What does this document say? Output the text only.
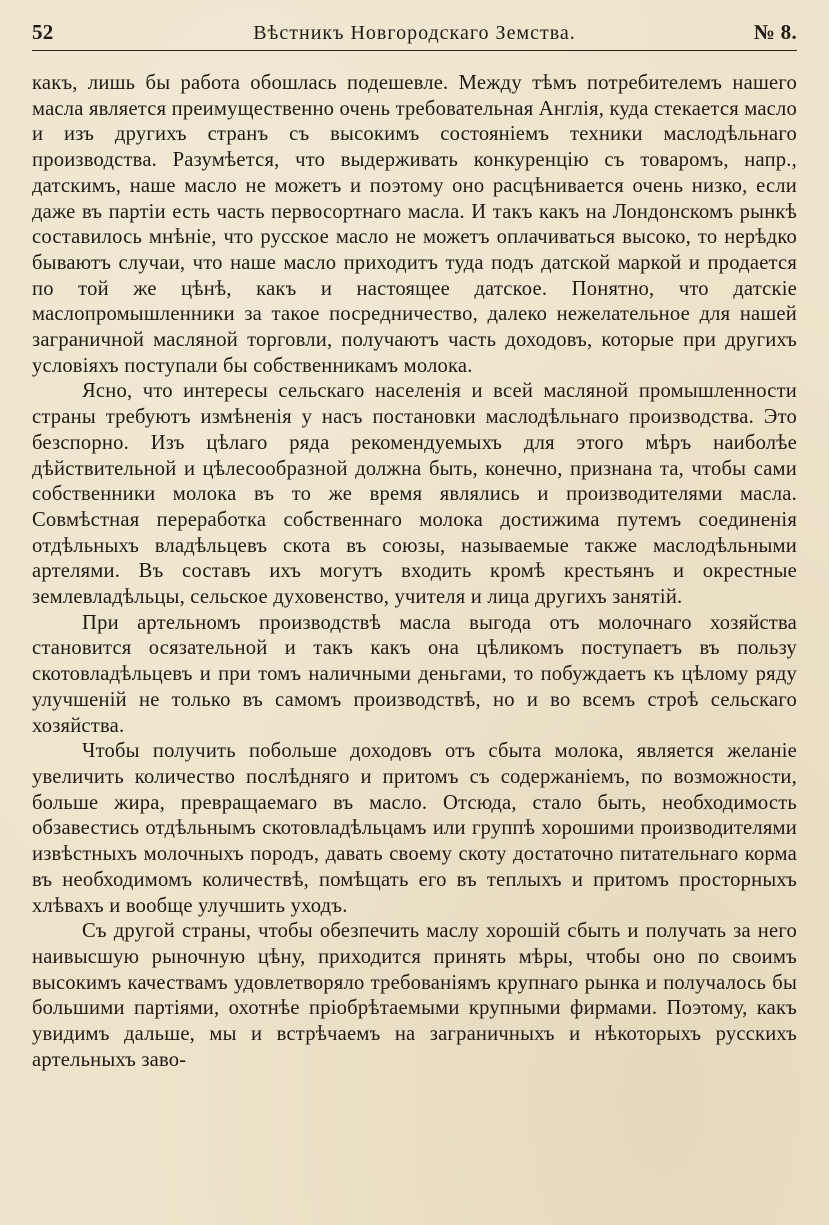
52	Вѣстникъ Новгородскаго Земства.	№ 8.

какъ, лишь бы работа обошлась подешевле. Между тѣмъ потребителемъ нашего масла является преимущественно очень требовательная Англія, куда стекается масло и изъ другихъ странъ съ высокимъ состояніемъ техники маслодѣльнаго производства. Разумѣется, что выдерживать конкуренцію съ товаромъ, напр., датскимъ, наше масло не можетъ и поэтому оно расцѣнивается очень низко, если даже въ партіи есть часть первосортнаго масла. И такъ какъ на Лондонскомъ рынкѣ составилось мнѣніе, что русское масло не можетъ оплачиваться высоко, то нерѣдко бываютъ случаи, что наше масло приходитъ туда подъ датской маркой и продается по той же цѣнѣ, какъ и настоящее датское. Понятно, что датскіе маслопромышленники за такое посредничество, далеко нежелательное для нашей заграничной масляной торговли, получаютъ часть доходовъ, которые при другихъ условіяхъ поступали бы собственникамъ молока.

Ясно, что интересы сельскаго населенія и всей масляной промышленности страны требуютъ измѣненія у насъ постановки маслодѣльнаго производства. Это безспорно. Изъ цѣлаго ряда рекомендуемыхъ для этого мѣръ наиболѣе дѣйствительной и цѣлесообразной должна быть, конечно, признана та, чтобы сами собственники молока въ то же время являлись и производителями масла. Совмѣстная переработка собственнаго молока достижима путемъ соединенія отдѣльныхъ владѣльцевъ скота въ союзы, называемые также маслодѣльными артелями. Въ составъ ихъ могутъ входить кромѣ крестьянъ и окрестные землевладѣльцы, сельское духовенство, учителя и лица другихъ занятій.

При артельномъ производствѣ масла выгода отъ молочнаго хозяйства становится осязательной и такъ какъ она цѣликомъ поступаетъ въ пользу скотовладѣльцевъ и при томъ наличными деньгами, то побуждаетъ къ цѣлому ряду улучшеній не только въ самомъ производствѣ, но и во всемъ строѣ сельскаго хозяйства.

Чтобы получить побольше доходовъ отъ сбыта молока, является желаніе увеличить количество послѣдняго и притомъ съ содержаніемъ, по возможности, больше жира, превращаемаго въ масло. Отсюда, стало быть, необходимость обзавестись отдѣльнымъ скотовладѣльцамъ или группѣ хорошими производителями извѣстныхъ молочныхъ породъ, давать своему скоту достаточно питательнаго корма въ необходимомъ количествѣ, помѣщать его въ теплыхъ и притомъ просторныхъ хлѣвахъ и вообще улучшить уходъ.

Съ другой страны, чтобы обезпечить маслу хорошій сбыть и получать за него наивысшую рыночную цѣну, приходится принять мѣры, чтобы оно по своимъ высокимъ качествамъ удовлетворяло требованіямъ крупнаго рынка и получалось бы большими партіями, охотнѣе пріобрѣтаемыми крупными фирмами. Поэтому, какъ увидимъ дальше, мы и встрѣчаемъ на заграничныхъ и нѣкоторыхъ русскихъ артельныхъ заво-
